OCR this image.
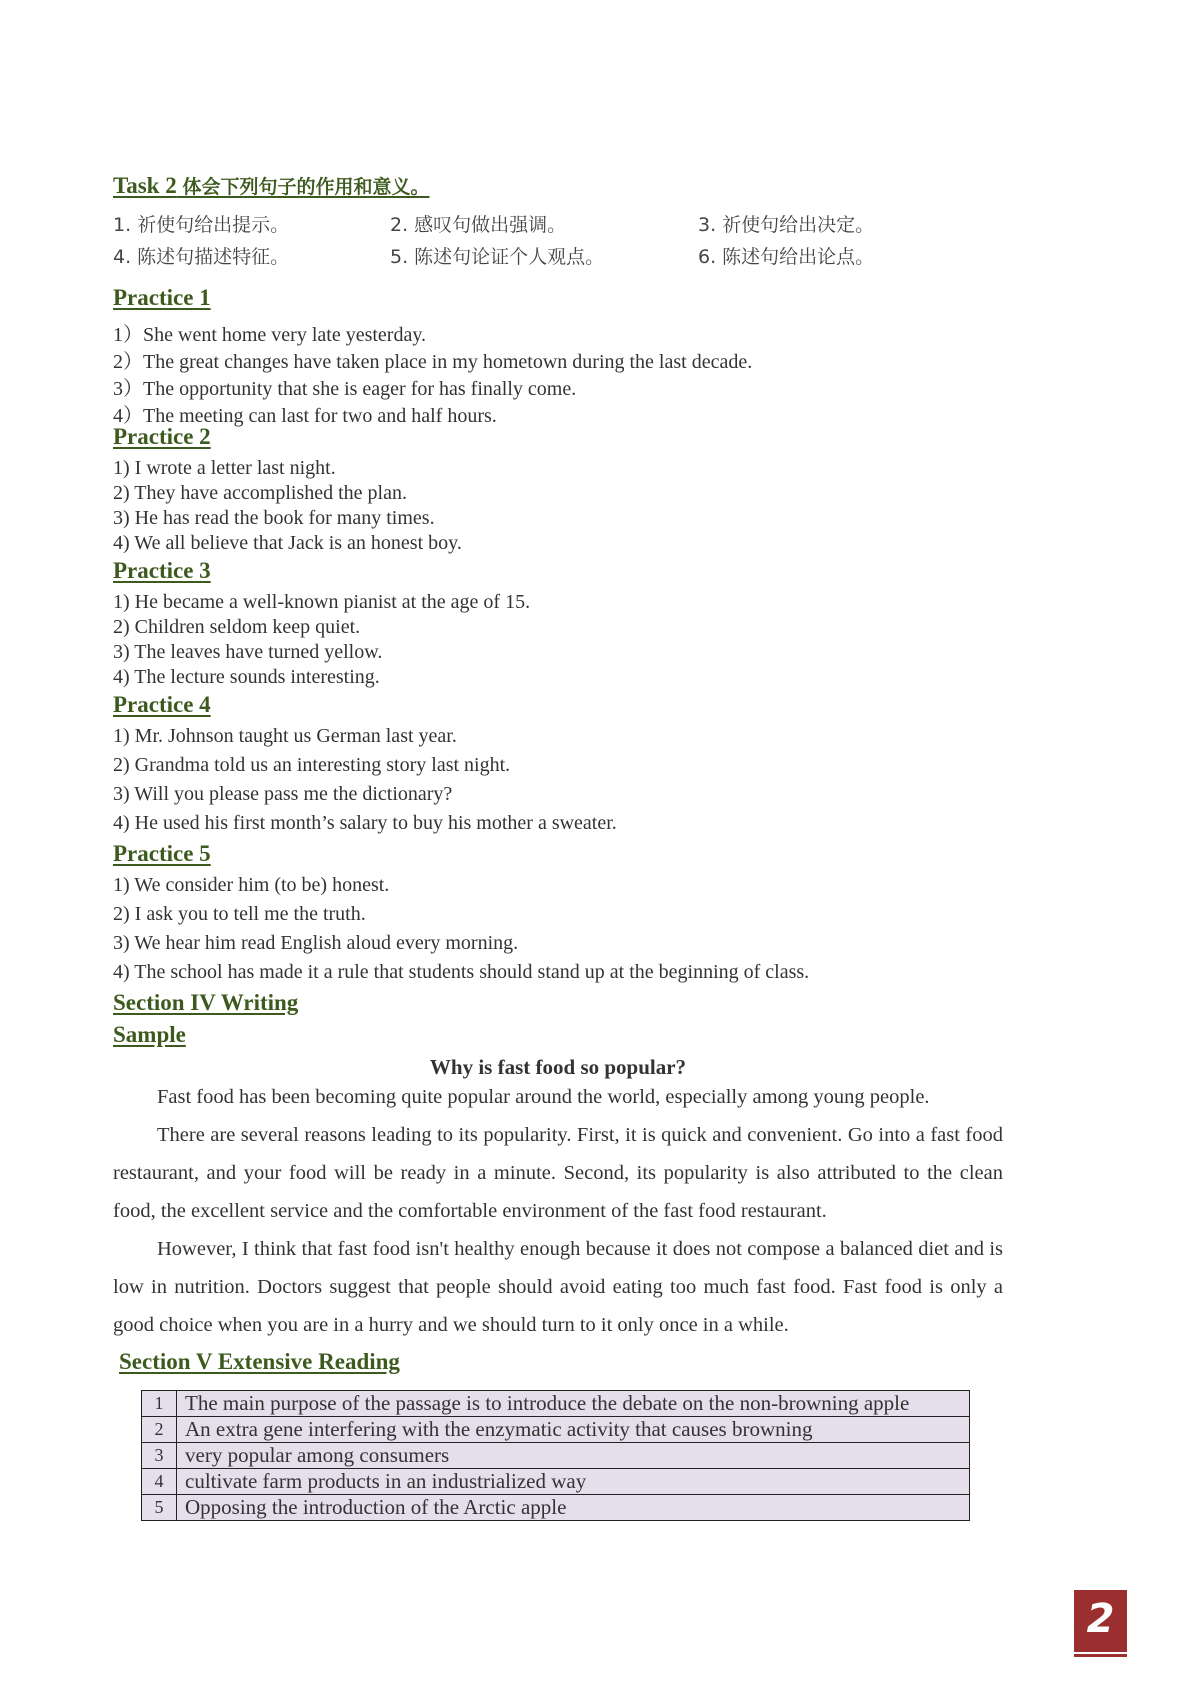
Task 2 体会下列句子的作用和意义。
1. 祈使句给出提示。	2. 感叹句做出强调。	3. 祈使句给出决定。
4. 陈述句描述特征。	5. 陈述句论证个人观点。	6. 陈述句给出论点。
Practice 1
1）She went home very late yesterday.
2）The great changes have taken place in my hometown during the last decade.
3）The opportunity that she is eager for has finally come.
4）The meeting can last for two and half hours.
Practice 2
1) I wrote a letter last night.
2) They have accomplished the plan.
3) He has read the book for many times.
4) We all believe that Jack is an honest boy.
Practice 3
1) He became a well-known pianist at the age of 15.
2) Children seldom keep quiet.
3) The leaves have turned yellow.
4) The lecture sounds interesting.
Practice 4
1) Mr. Johnson taught us German last year.
2) Grandma told us an interesting story last night.
3) Will you please pass me the dictionary?
4) He used his first month’s salary to buy his mother a sweater.
Practice 5
1) We consider him (to be) honest.
2) I ask you to tell me the truth.
3) We hear him read English aloud every morning.
4) The school has made it a rule that students should stand up at the beginning of class.
Section IV Writing
Sample
Why is fast food so popular?
Fast food has been becoming quite popular around the world, especially among young people.
There are several reasons leading to its popularity. First, it is quick and convenient. Go into a fast food restaurant, and your food will be ready in a minute. Second, its popularity is also attributed to the clean food, the excellent service and the comfortable environment of the fast food restaurant.
However, I think that fast food isn't healthy enough because it does not compose a balanced diet and is low in nutrition. Doctors suggest that people should avoid eating too much fast food. Fast food is only a good choice when you are in a hurry and we should turn to it only once in a while.
Section V Extensive Reading
1	The main purpose of the passage is to introduce the debate on the non-browning apple
2	An extra gene interfering with the enzymatic activity that causes browning
3	very popular among consumers
4	cultivate farm products in an industrialized way
5	Opposing the introduction of the Arctic apple
2
